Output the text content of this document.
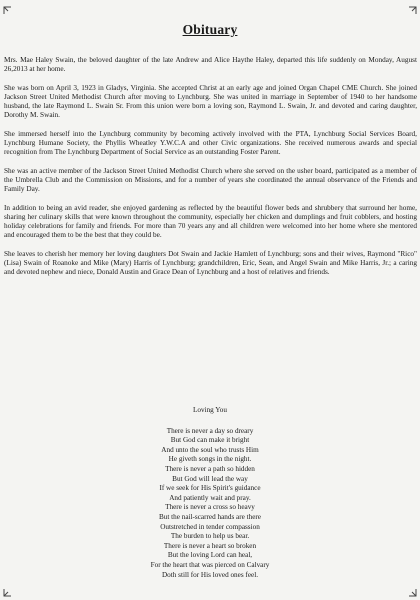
Obituary

Mrs. Mae Haley Swain, the beloved daughter of the late Andrew and Alice Haythe Haley, departed this life suddenly on Monday, August 26,2013 at her home.

She was born on April 3, 1923 in Gladys, Virginia. She accepted Christ at an early age and joined Organ Chapel CME Church. She joined Jackson Street United Methodist Church after moving to Lynchburg. She was united in marriage in September of 1940 to her handsome husband, the late Raymond L. Swain Sr. From this union were born a loving son, Raymond L. Swain, Jr. and devoted and caring daughter, Dorothy M. Swain.

She immersed herself into the Lynchburg community by becoming actively involved with the PTA, Lynchburg Social Services Board, Lynchburg Humane Society, the Phyllis Wheatley Y.W.C.A and other Civic organizations. She received numerous awards and special recognition from The Lynchburg Department of Social Service as an outstanding Foster Parent.

She was an active member of the Jackson Street United Methodist Church where she served on the usher board, participated as a member of the Umbrella Club and the Commission on Missions, and for a number of years she coordinated the annual observance of the Friends and Family Day.

In addition to being an avid reader, she enjoyed gardening as reflected by the beautiful flower beds and shrubbery that surround her home, sharing her culinary skills that were known throughout the community, especially her chicken and dumplings and fruit cobblers, and hosting holiday celebrations for family and friends. For more than 70 years any and all children were welcomed into her home where she mentored and encouraged them to be the best that they could be.

She leaves to cherish her memory her loving daughters Dot Swain and Jackie Hamlett of Lynchburg; sons and their wives, Raymond "Rico" (Lisa) Swain of Roanoke and Mike (Mary) Harris of Lynchburg; grandchildren, Eric, Sean, and Angel Swain and Mike Harris, Jr.; a caring and devoted nephew and niece, Donald Austin and Grace Dean of Lynchburg and a host of relatives and friends.

Loving You
There is never a day so dreary
But God can make it bright
And unto the soul who trusts Him
He giveth songs in the night.
There is never a path so hidden
But God will lead the way
If we seek for His Spirit's guidance
And patiently wait and pray.
There is never a cross so heavy
But the nail-scarred hands are there
Outstretched in tender compassion
The burden to help us bear.
There is never a heart so broken
But the loving Lord can heal,
For the heart that was pierced on Calvary
Doth still for His loved ones feel.
